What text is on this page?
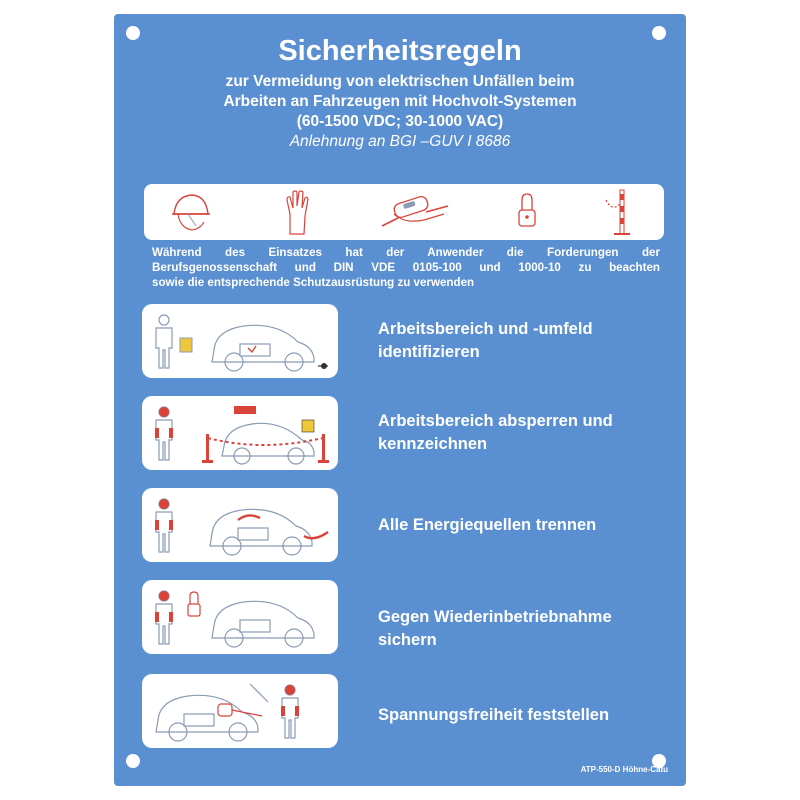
Sicherheitsregeln
zur Vermeidung von elektrischen Unfällen beim
Arbeiten an Fahrzeugen mit Hochvolt-Systemen
(60-1500 VDC; 30-1000 VAC)
Anlehnung an BGI –GUV I 8686
Während des Einsatzes hat der Anwender die Forderungen der
Berufsgenossenschaft und DIN VDE 0105-100 und 1000-10 zu beachten
sowie die entsprechende Schutzausrüstung zu verwenden
Arbeitsbereich und -umfeld
identifizieren
Arbeitsbereich absperren und
kennzeichnen
Alle Energiequellen trennen
Gegen Wiederinbetriebnahme
sichern
Spannungsfreiheit feststellen
ATP-550-D Höhne-Catu
